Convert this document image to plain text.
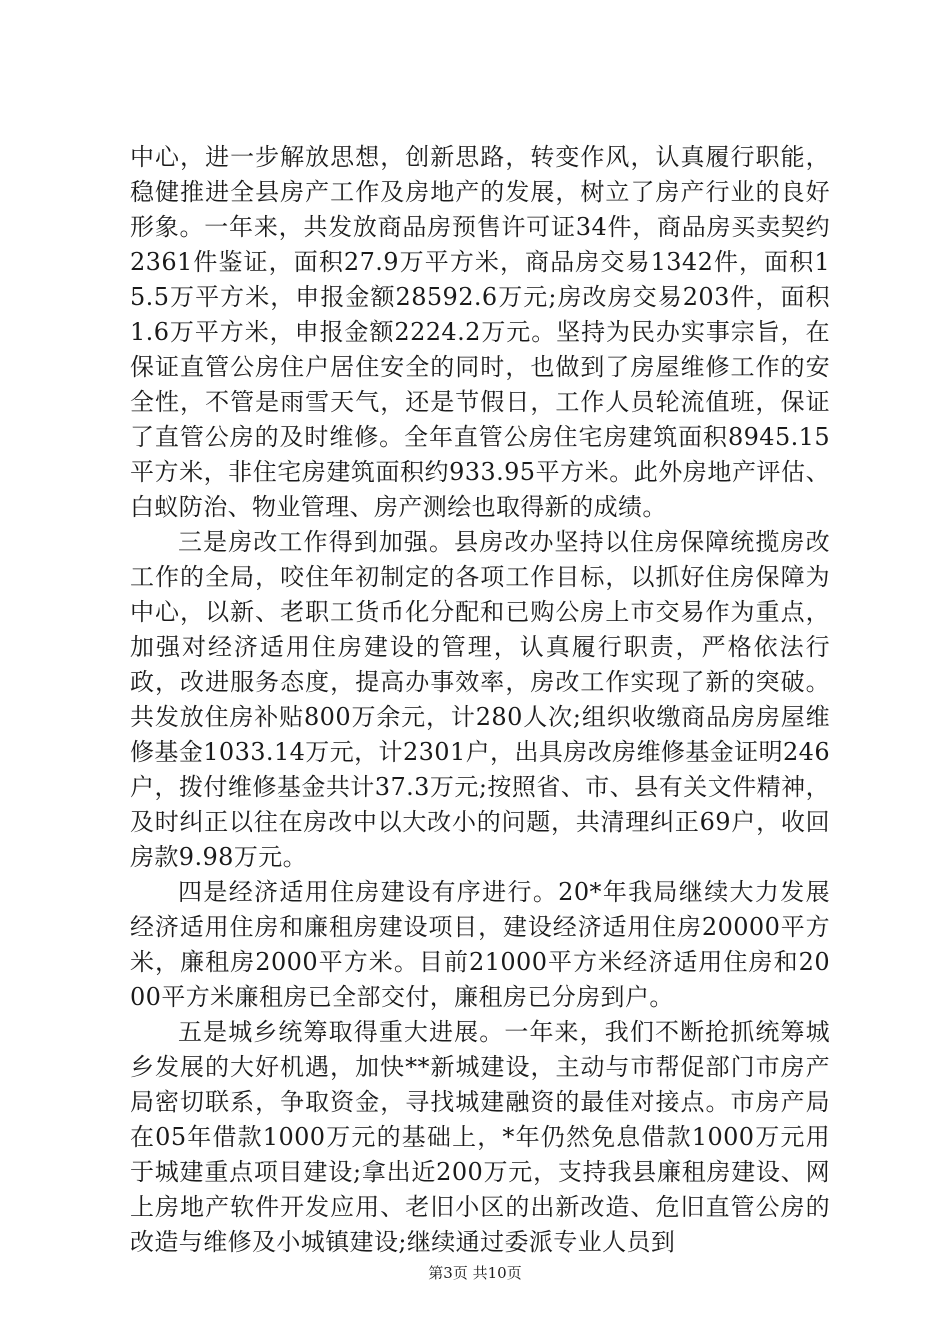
中心，进一步解放思想，创新思路，转变作风，认真履行职能，稳健推进全县房产工作及房地产的发展，树立了房产行业的良好形象。一年来，共发放商品房预售许可证34件，商品房买卖契约2361件鉴证，面积27.9万平方米，商品房交易1342件，面积15.5万平方米，申报金额28592.6万元;房改房交易203件，面积1.6万平方米，申报金额2224.2万元。坚持为民办实事宗旨，在保证直管公房住户居住安全的同时，也做到了房屋维修工作的安全性，不管是雨雪天气，还是节假日，工作人员轮流值班，保证了直管公房的及时维修。全年直管公房住宅房建筑面积8945.15平方米，非住宅房建筑面积约933.95平方米。此外房地产评估、白蚁防治、物业管理、房产测绘也取得新的成绩。

三是房改工作得到加强。县房改办坚持以住房保障统揽房改工作的全局，咬住年初制定的各项工作目标，以抓好住房保障为中心，以新、老职工货币化分配和已购公房上市交易作为重点，加强对经济适用住房建设的管理，认真履行职责，严格依法行政，改进服务态度，提高办事效率，房改工作实现了新的突破。共发放住房补贴800万余元，计280人次;组织收缴商品房房屋维修基金1033.14万元，计2301户，出具房改房维修基金证明246户，拨付维修基金共计37.3万元;按照省、市、县有关文件精神，及时纠正以往在房改中以大改小的问题，共清理纠正69户，收回房款9.98万元。

四是经济适用住房建设有序进行。20*年我局继续大力发展经济适用住房和廉租房建设项目，建设经济适用住房20000平方米，廉租房2000平方米。目前21000平方米经济适用住房和2000平方米廉租房已全部交付，廉租房已分房到户。

五是城乡统筹取得重大进展。一年来，我们不断抢抓统筹城乡发展的大好机遇，加快**新城建设，主动与市帮促部门市房产局密切联系，争取资金，寻找城建融资的最佳对接点。市房产局在05年借款1000万元的基础上，*年仍然免息借款1000万元用于城建重点项目建设;拿出近200万元，支持我县廉租房建设、网上房地产软件开发应用、老旧小区的出新改造、危旧直管公房的改造与维修及小城镇建设;继续通过委派专业人员到

第3页 共10页
